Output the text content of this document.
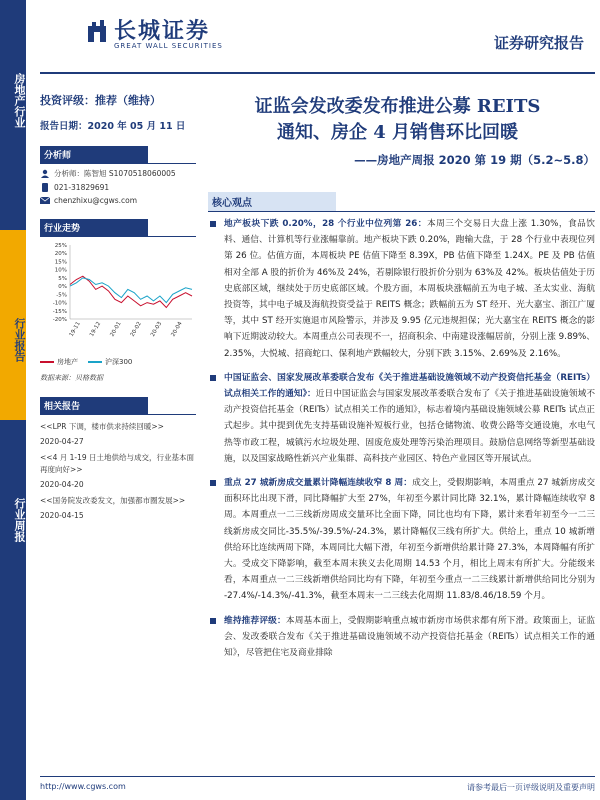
房地产行业
行业报告
行业周报
长城证券
GREAT WALL SECURITIES	证券研究报告
投资评级：推荐（维持）
报告日期：2020 年 05 月 11 日
分析师
分析师：陈智旭 S1070518060005
021-31829691
chenzhixu@cgws.com
行业走势
25%
20%
15%
10%
5%
0%
-5%
-10%
-15%
-20%
19-11 19-12 20-01 20-02 20-03 20-04
房地产	沪深300
数据来源：贝格数据
相关报告
<<LPR 下调，楼市供求持续回暖>>
2020-04-27
<<4 月 1-19 日土地供给与成交，行业基本面再度向好>>
2020-04-20
<<国务院发改委发文，加强都市圈发展>>
2020-04-15
证监会发改委发布推进公募 REITS
通知、房企 4 月销售环比回暖
——房地产周报 2020 第 19 期（5.2~5.8）
核心观点
地产板块下跌 0.20%，28 个行业中位列第 26：本周三个交易日大盘上涨 1.30%，食品饮料、通信、计算机等行业涨幅靠前。地产板块下跌 0.20%，跑输大盘，于 28 个行业中表现位列第 26 位。估值方面，本周板块 PE 估值下降至 8.39X，PB 估值下降至 1.24X。PE 及 PB 估值相对全部 A 股的折价为 46%及 24%，若剔除银行股折价分别为 63%及 42%。板块估值处于历史底部区域，继续处于历史底部区域。个股方面，本周板块涨幅前五为电子城、圣太实业、海航投资等，其中电子城及海航投资受益于 REITS 概念；跌幅前五为 ST 经开、光大嘉宝、浙江广厦等，其中 ST 经开实施退市风险警示，并涉及 9.95 亿元违规担保；光大嘉宝在 REITS 概念的影响下近期波动较大。本周重点公司表现不一，招商积余、中南建设涨幅居前，分别上涨 9.89%、2.35%，大悦城、招商蛇口、保利地产跌幅较大，分别下跌 3.15%、2.69%及 2.16%。
中国证监会、国家发展改革委联合发布《关于推进基础设施领域不动产投资信托基金（REITs）试点相关工作的通知》：近日中国证监会与国家发展改革委联合发布了《关于推进基础设施领域不动产投资信托基金（REITs）试点相关工作的通知》，标志着境内基础设施领域公募 REITs 试点正式起步。其中提到优先支持基础设施补短板行业，包括仓储物流、收费公路等交通设施，水电气热等市政工程，城镇污水垃圾处理、固废危废处理等污染治理项目。鼓励信息网络等新型基础设施，以及国家战略性新兴产业集群、高科技产业园区、特色产业园区等开展试点。
重点 27 城新房成交量累计降幅连续收窄 8 周：成交上，受假期影响，本周重点 27 城新房成交面积环比出现下滑，同比降幅扩大至 27%，年初至今累计同比降 32.1%，累计降幅连续收窄 8 周。本周重点一二三线新房周成交量环比全面下降，同比也均有下降，累计来看年初至今一二三线新房成交同比-35.5%/-39.5%/-24.3%，累计降幅仅三线有所扩大。供给上，重点 10 城新增供给环比连续两周下降，本周同比大幅下滑，年初至今新增供给累计降 27.3%，本周降幅有所扩大。受成交下降影响，截至本周末狭义去化周期 14.53 个月，相比上周末有所扩大。分能级来看，本周重点一二三线新增供给同比均有下降，年初至今重点一二三线累计新增供给同比分别为 -27.4%/-14.3%/-41.3%，截至本周末一二三线去化周期 11.83/8.46/18.59 个月。
维持推荐评级：本周基本面上，受假期影响重点城市新房市场供求都有所下滑。政策面上，证监会、发改委联合发布《关于推进基础设施领域不动产投资信托基金（REITs）试点相关工作的通知》，尽管把住宅及商业排除
http://www.cgws.com	请参考最后一页评级说明及重要声明
